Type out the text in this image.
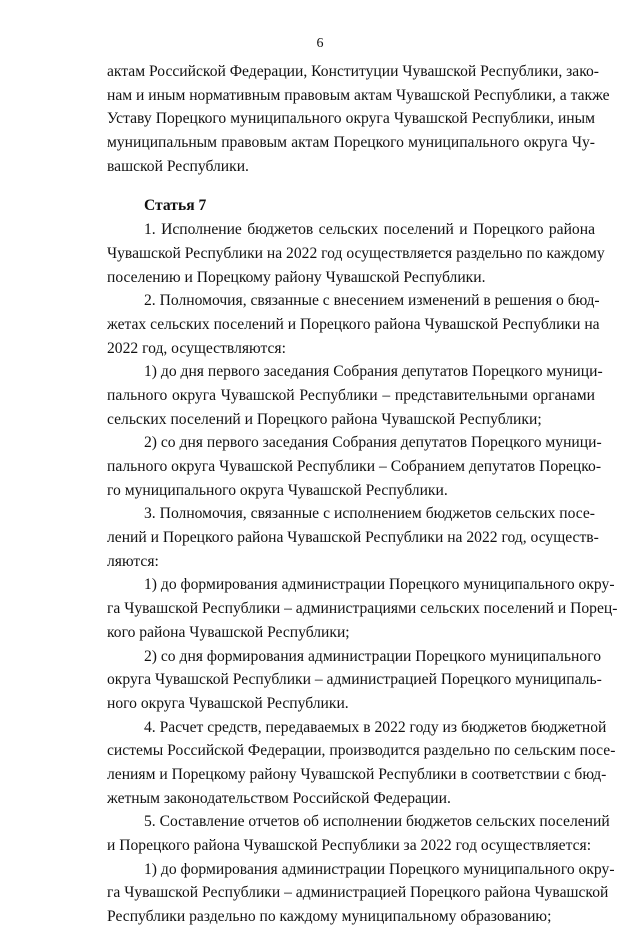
6
актам Российской Федерации, Конституции Чувашской Республики, зако-
нам и иным нормативным правовым актам Чувашской Республики, а также
Уставу Порецкого муниципального округа Чувашской Республики, иным
муниципальным правовым актам Порецкого муниципального округа Чу-
вашской Республики.
Статья 7
1. Исполнение бюджетов сельских поселений и Порецкого района
Чувашской Республики на 2022 год осуществляется раздельно по каждому
поселению и Порецкому району Чувашской Республики.
2. Полномочия, связанные с внесением изменений в решения о бюд-
жетах сельских поселений и Порецкого района Чувашской Республики на
2022 год, осуществляются:
1) до дня первого заседания Собрания депутатов Порецкого муници-
пального округа Чувашской Республики – представительными органами
сельских поселений и Порецкого района Чувашской Республики;
2) со дня первого заседания Собрания депутатов Порецкого муници-
пального округа Чувашской Республики – Собранием депутатов Порецко-
го муниципального округа Чувашской Республики.
3. Полномочия, связанные с исполнением бюджетов сельских посе-
лений и Порецкого района Чувашской Республики на 2022 год, осуществ-
ляются:
1) до формирования администрации Порецкого муниципального окру-
га Чувашской Республики – администрациями сельских поселений и Порец-
кого района Чувашской Республики;
2) со дня формирования администрации Порецкого муниципального
округа Чувашской Республики – администрацией Порецкого муниципаль-
ного округа Чувашской Республики.
4. Расчет средств, передаваемых в 2022 году из бюджетов бюджетной
системы Российской Федерации, производится раздельно по сельским посе-
лениям и Порецкому району Чувашской Республики в соответствии с бюд-
жетным законодательством Российской Федерации.
5. Составление отчетов об исполнении бюджетов сельских поселений
и Порецкого района Чувашской Республики за 2022 год осуществляется:
1) до формирования администрации Порецкого муниципального окру-
га Чувашской Республики – администрацией Порецкого района Чувашской
Республики раздельно по каждому муниципальному образованию;
